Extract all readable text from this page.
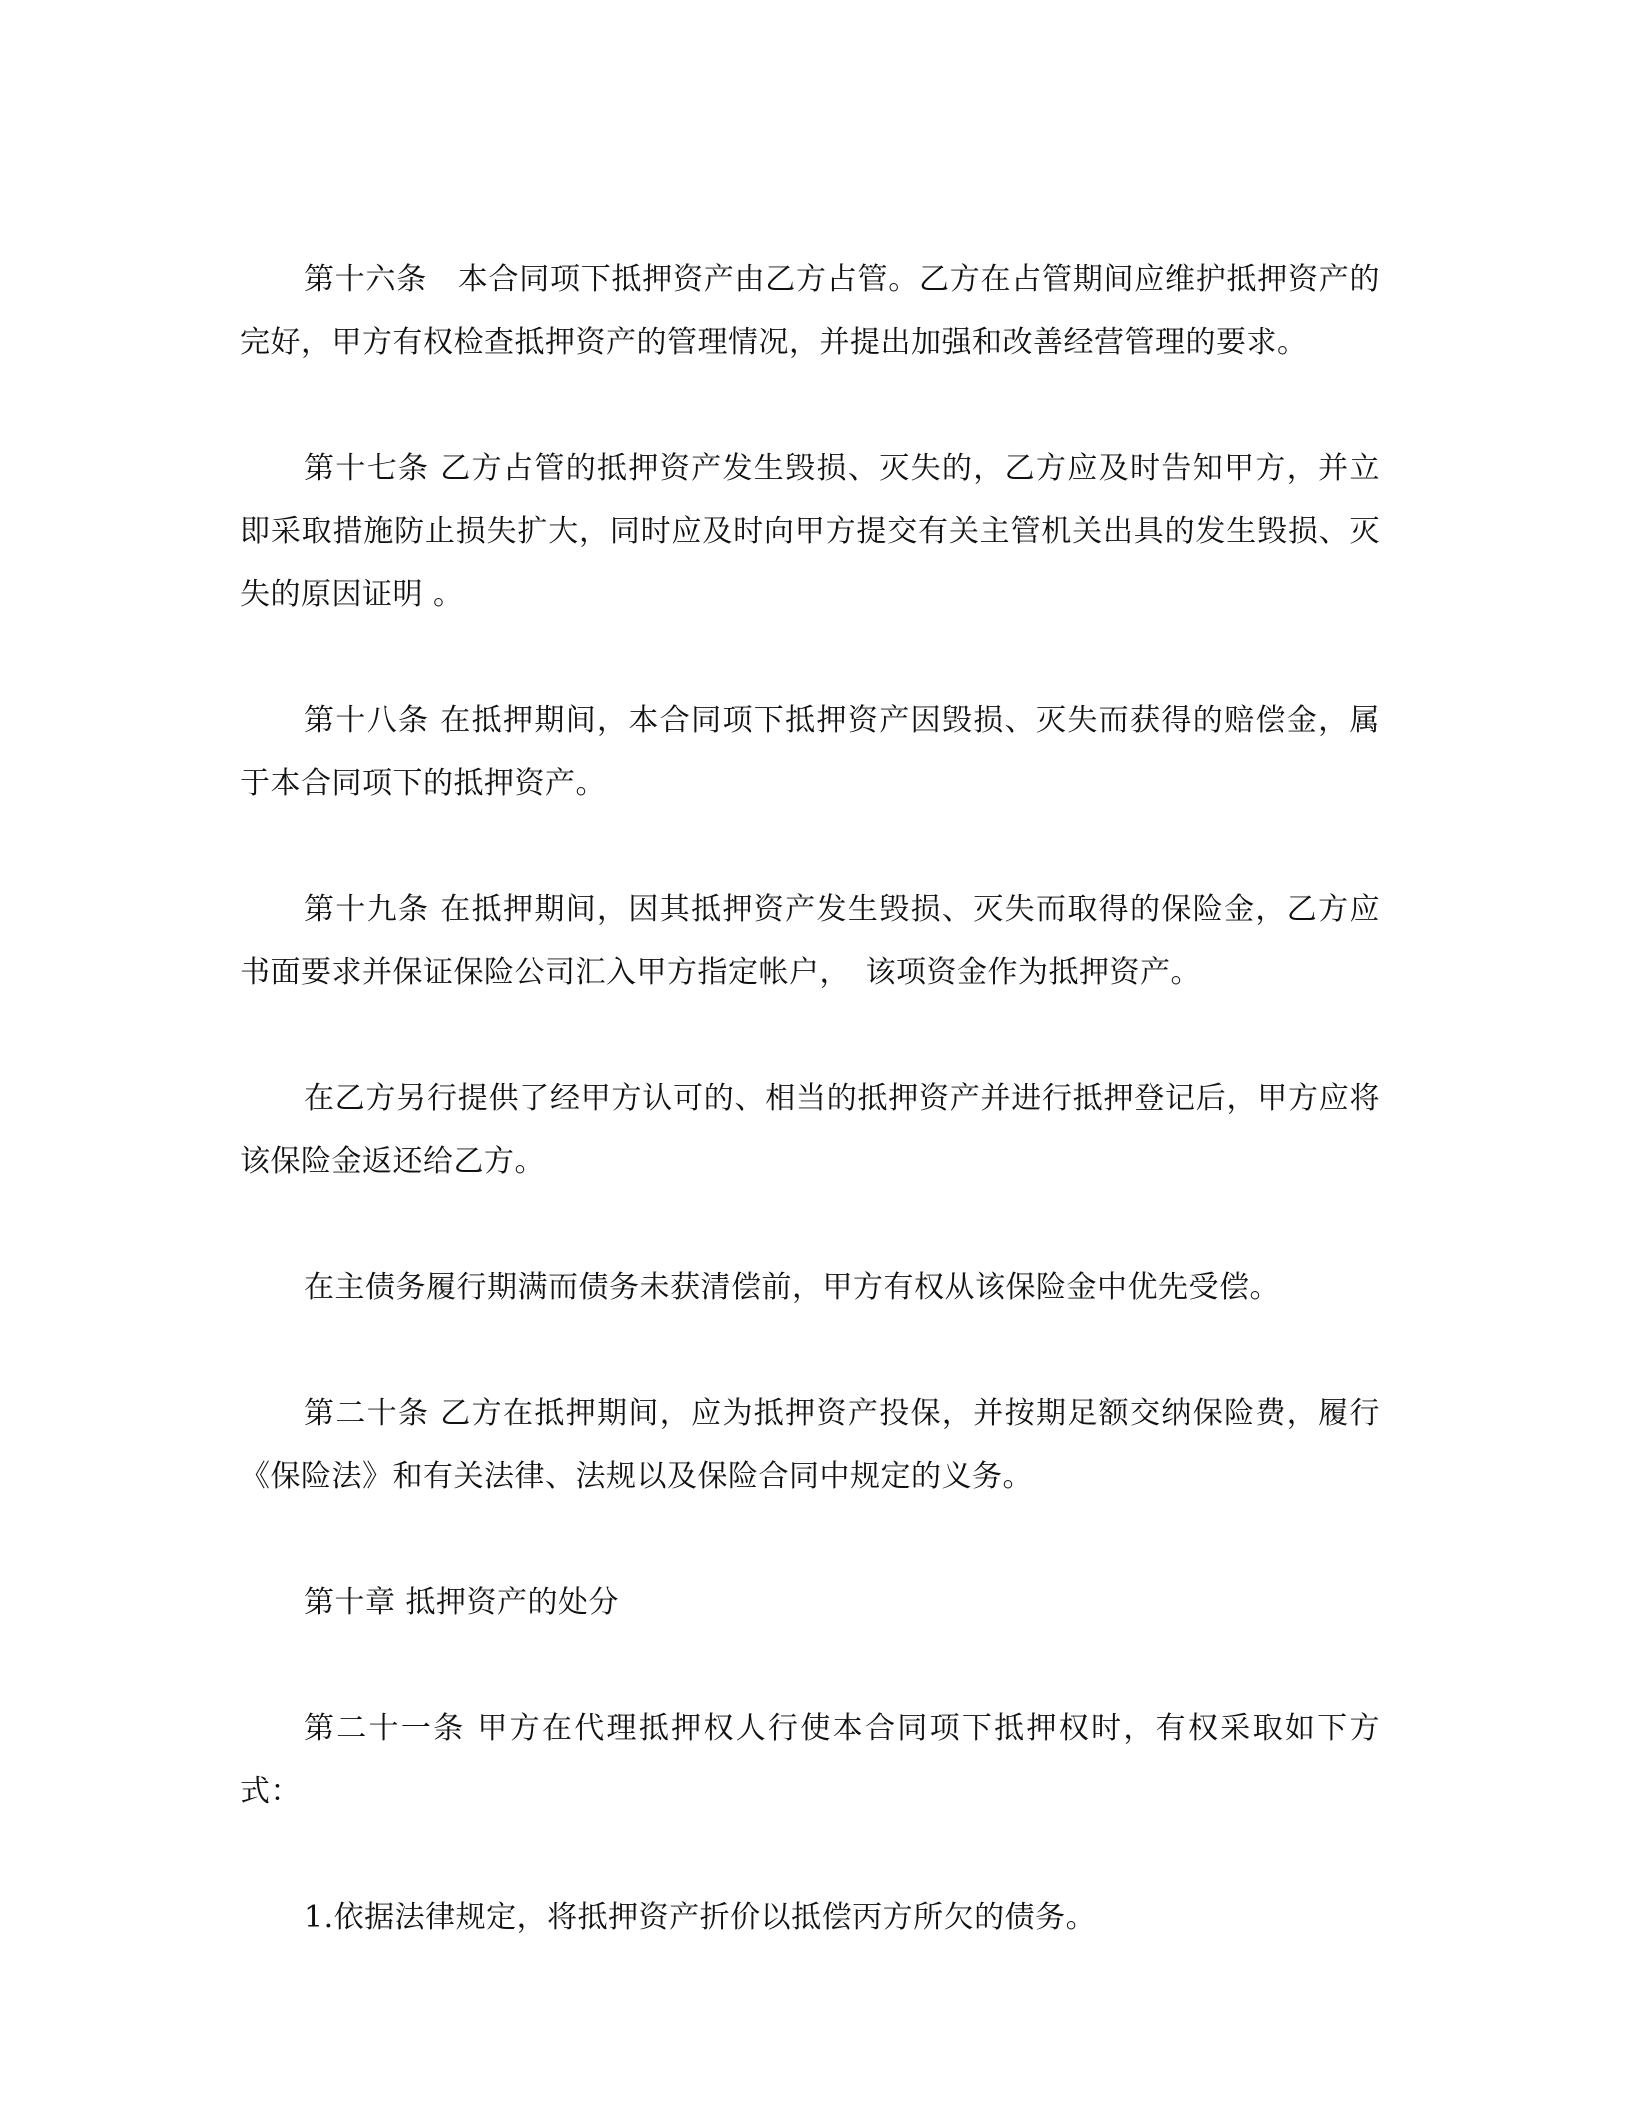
第十六条　本合同项下抵押资产由乙方占管。乙方在占管期间应维护抵押资产的完好，甲方有权检查抵押资产的管理情况，并提出加强和改善经营管理的要求。

第十七条 乙方占管的抵押资产发生毁损、灭失的，乙方应及时告知甲方，并立即采取措施防止损失扩大，同时应及时向甲方提交有关主管机关出具的发生毁损、灭失的原因证明 。

第十八条 在抵押期间，本合同项下抵押资产因毁损、灭失而获得的赔偿金，属于本合同项下的抵押资产。

第十九条 在抵押期间，因其抵押资产发生毁损、灭失而取得的保险金，乙方应书面要求并保证保险公司汇入甲方指定帐户，　该项资金作为抵押资产。

在乙方另行提供了经甲方认可的、相当的抵押资产并进行抵押登记后，甲方应将该保险金返还给乙方。

在主债务履行期满而债务未获清偿前，甲方有权从该保险金中优先受偿。

第二十条 乙方在抵押期间，应为抵押资产投保，并按期足额交纳保险费，履行《保险法》和有关法律、法规以及保险合同中规定的义务。

第十章 抵押资产的处分

第二十一条 甲方在代理抵押权人行使本合同项下抵押权时，有权采取如下方式：

1.依据法律规定，将抵押资产折价以抵偿丙方所欠的债务。
